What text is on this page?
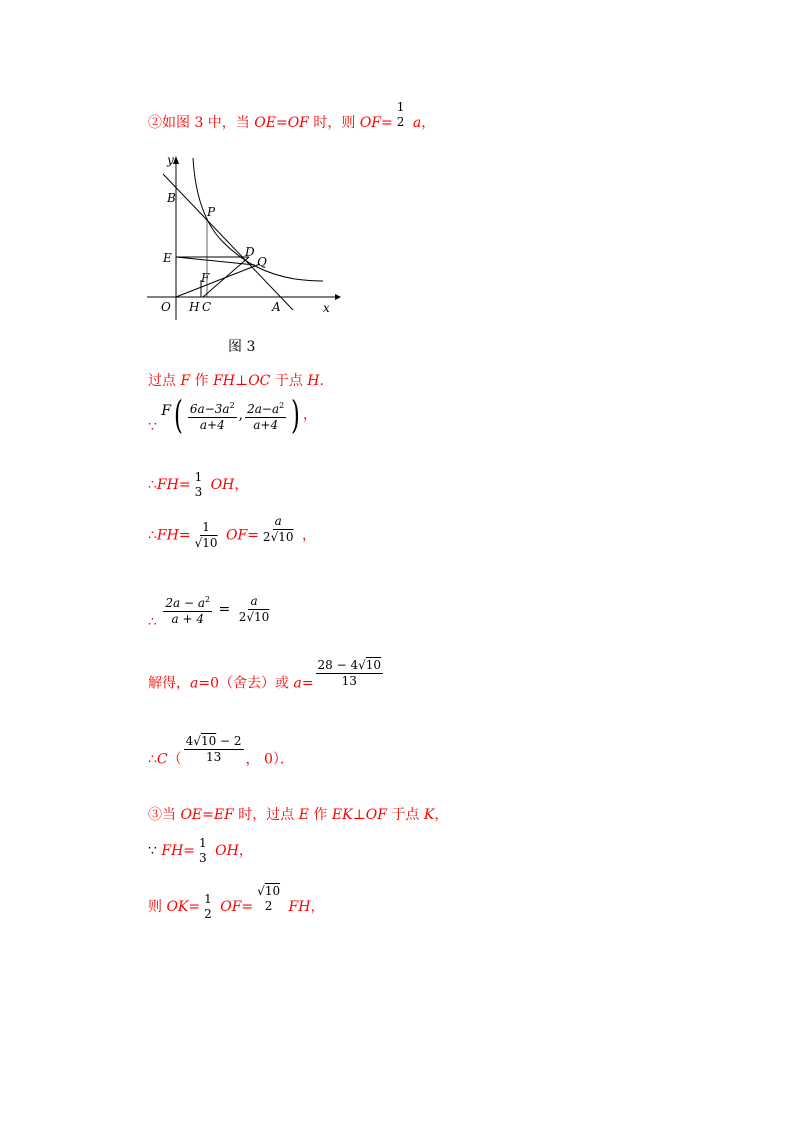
②如图 3 中，当 OE=OF 时，则 OF=
1
2 a，
y
x
B
P
E	D
Q
F
O H C	A
图 3
过点 F 作 FH⊥OC 于点 H.
∵ $F( \frac{6a-3a^2}{a+4}$ , $\frac{2a-a^2}{a+4}$ ) ，
∴FH= 1
3 OH，
∴FH= $\frac{1}{√10} OF= \frac{a}{2√10}$ ，
∴ $\frac{2a - a^2}{a + 4} = \frac{a}{2√10}$
解得，a=0（舍去）或 $a= \frac{28 - 4√10}{13}$
∴C（ $\frac{4√10 - 2}{13}$ ， 0）．
③当 OE=EF 时，过点 E 作 EK⊥OF 于点 K，
∵ FH= 1
3 OH，
则 OK= 1
2 OF=
√10
2 FH，
